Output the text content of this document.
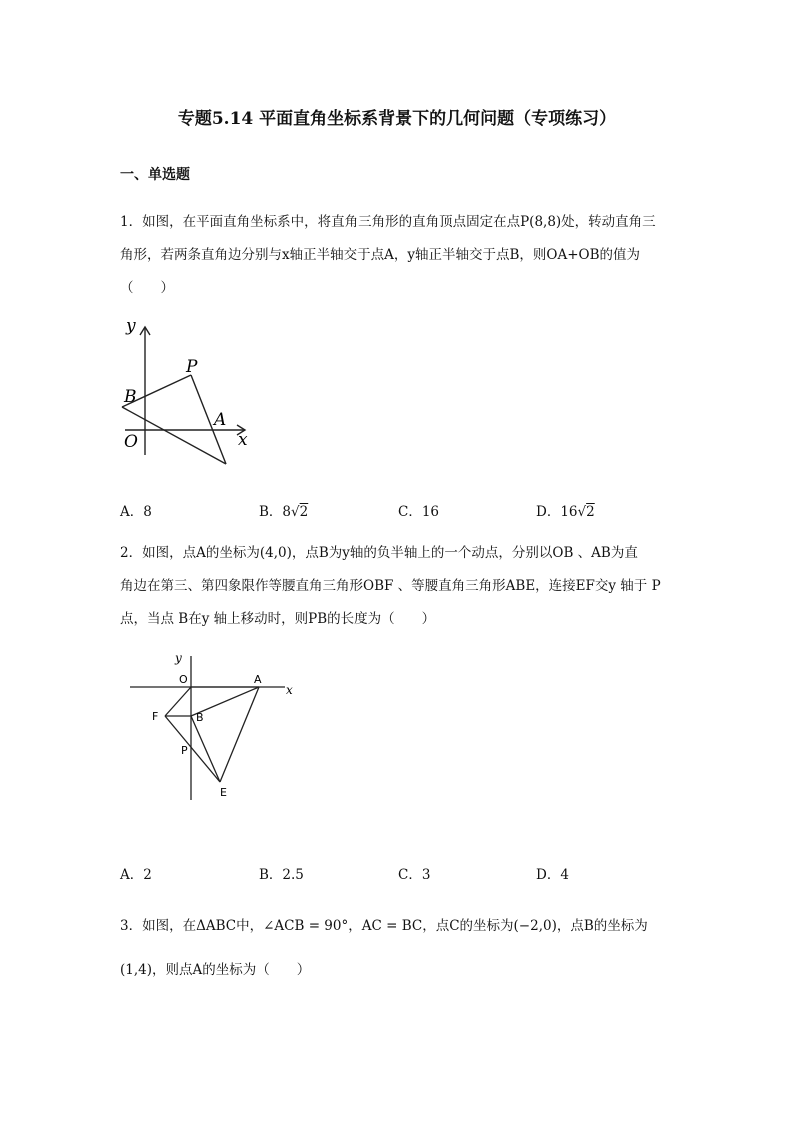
专题5.14 平面直角坐标系背景下的几何问题（专项练习）
一、单选题
1．如图，在平面直角坐标系中，将直角三角形的直角顶点固定在点P(8,8)处，转动直角三
角形，若两条直角边分别与x轴正半轴交于点A，y轴正半轴交于点B，则OA+OB的值为
（　　）
y
x
P
B
A
O
A．8	B．8√2	C．16	D．16√2
2．如图，点A的坐标为(4,0)，点B为y轴的负半轴上的一个动点，分别以OB 、AB为直
角边在第三、第四象限作等腰直角三角形OBF 、等腰直角三角形ABE，连接EF交y 轴于 P
点，当点 B在y 轴上移动时，则PB的长度为（　　）
y
x
O	A
F	B
P
E
A．2	B．2.5	C．3	D．4
3．如图，在ΔABC中，∠ACB = 90°，AC = BC，点C的坐标为(−2,0)，点B的坐标为
(1,4)，则点A的坐标为（　　）
